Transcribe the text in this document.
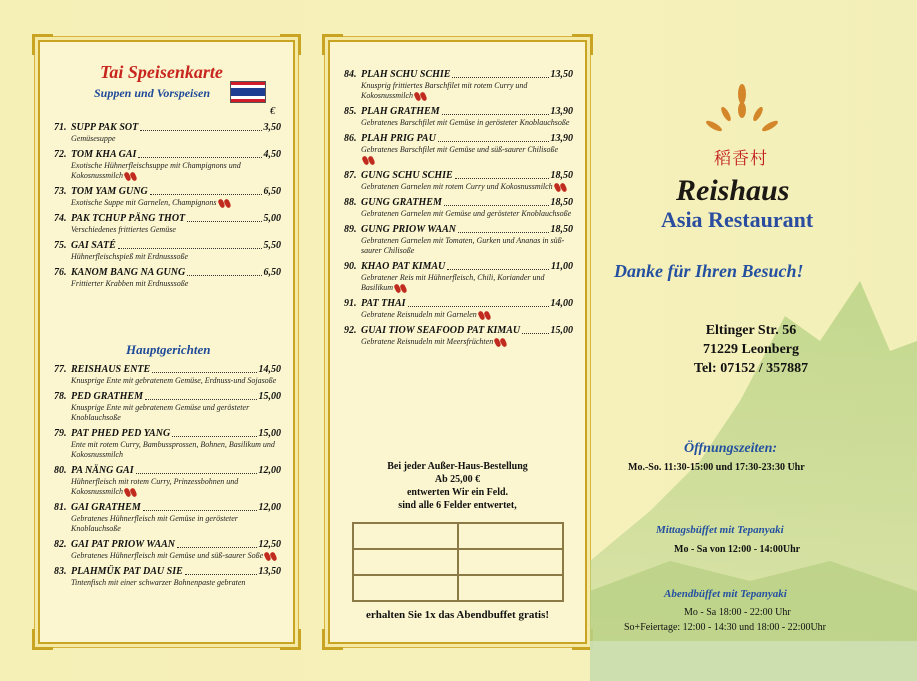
Tai Speisenkarte
Suppen und Vorspeisen
€
71. SUPP PAK SOT	3,50
Gemüsesuppe
72. TOM KHA GAI	4,50
Exotische Hühnerfleischsuppe mit Champignons und Kokosnussmilch
73. TOM YAM GUNG	6,50
Exotische Suppe mit Garnelen, Champignons
74. PAK TCHUP PÄNG THOT	5,00
Verschiedenes frittiertes Gemüse
75. GAI SATÉ	5,50
Hühnerfleischspieß mit Erdnusssoße
76. KANOM BANG NA GUNG	6,50
Frittierter Krabben mit Erdnusssoße
Hauptgerichten
77. REISHAUS ENTE	14,50
Knusprige Ente mit gebratenem Gemüse, Erdnuss-und Sojasoße
78. PED GRATHEM	15,00
Knusprige Ente mit gebratenem Gemüse und gerösteter Knoblauchsoße
79. PAT PHED PED YANG	15,00
Ente mit rotem Curry, Bambussprossen, Bohnen, Basilikum und Kokosnussmilch
80. PA NÄNG GAI	12,00
Hühnerfleisch mit rotem Curry, Prinzessbohnen und Kokosnussmilch
81. GAI GRATHEM	12,00
Gebratenes Hühnerfleisch mit Gemüse in gerösteter Knoblauchsoße
82. GAI PAT PRIOW WAAN	12,50
Gebratenes Hühnerfleisch mit Gemüse und süß-saurer Soße
83. PLAHMÜK PAT DAU SIE	13,50
Tintenfisch mit einer schwarzer Bohnenpaste gebraten
84. PLAH SCHU SCHIE	13,50
Knusprig frittiertes Barschfilet mit rotem Curry und Kokosnussmilch
85. PLAH GRATHEM	13,90
Gebratenes Barschfilet mit Gemüse in gerösteter Knoblauchsoße
86. PLAH PRIG PAU	13,90
Gebratenes Barschfilet mit Gemüse und süß-saurer Chilisoße
87. GUNG SCHU SCHIE	18,50
Gebratenen Garnelen mit rotem Curry und Kokosnussmilch
88. GUNG GRATHEM	18,50
Gebratenen Garnelen mit Gemüse und gerösteter Knoblauchsoße
89. GUNG PRIOW WAAN	18,50
Gebratenen Garnelen mit Tomaten, Gurken und Ananas in süß-saurer Chilisoße
90. KHAO PAT KIMAU	11,00
Gebratener Reis mit Hühnerfleisch, Chili, Koriander und Basilikum
91. PAT THAI	14,00
Gebratene Reisnudeln mit Garnelen
92. GUAI TIOW SEAFOOD PAT KIMAU	15,00
Gebratene Reisnudeln mit Meersfrüchten
Bei jeder Außer-Haus-Bestellung
Ab 25,00 €
entwerten Wir ein Feld.
sind alle 6 Felder entwertet,
erhalten Sie 1x das Abendbuffet gratis!
稻香村
Reishaus
Asia Restaurant
Danke für Ihren Besuch!
Eltinger Str. 56
71229 Leonberg
Tel: 07152 / 357887
Öffnungszeiten:
Mo.-So. 11:30-15:00 und 17:30-23:30 Uhr
Mittagsbüffet mit Tepanyaki
Mo - Sa von 12:00 - 14:00Uhr
Abendbüffet mit Tepanyaki
Mo - Sa 18:00 - 22:00 Uhr
So+Feiertage: 12:00 - 14:30 und 18:00 - 22:00Uhr
